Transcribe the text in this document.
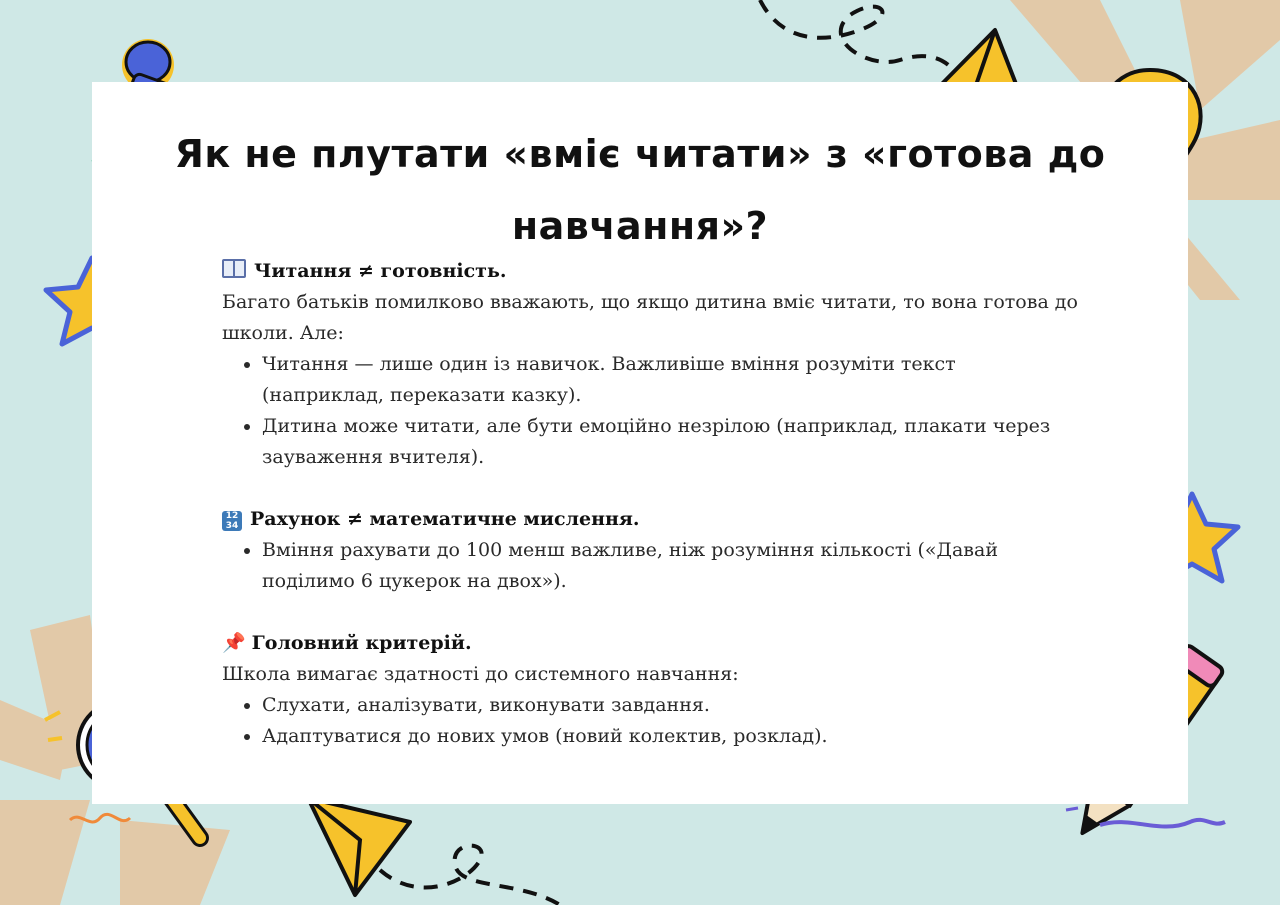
Як не плутати «вміє читати» з «готова до навчання»?
Читання ≠ готовність.
Багато батьків помилково вважають, що якщо дитина вміє читати, то вона готова до школи. Але:
• Читання — лише один із навичок. Важливіше вміння розуміти текст (наприклад, переказати казку).
• Дитина може читати, але бути емоційно незрілою (наприклад, плакати через зауваження вчителя).
12
34 Рахунок ≠ математичне мислення.
• Вміння рахувати до 100 менш важливе, ніж розуміння кількості («Давай поділимо 6 цукерок на двох»).
📌 Головний критерій.
Школа вимагає здатності до системного навчання:
• Слухати, аналізувати, виконувати завдання.
• Адаптуватися до нових умов (новий колектив, розклад).
